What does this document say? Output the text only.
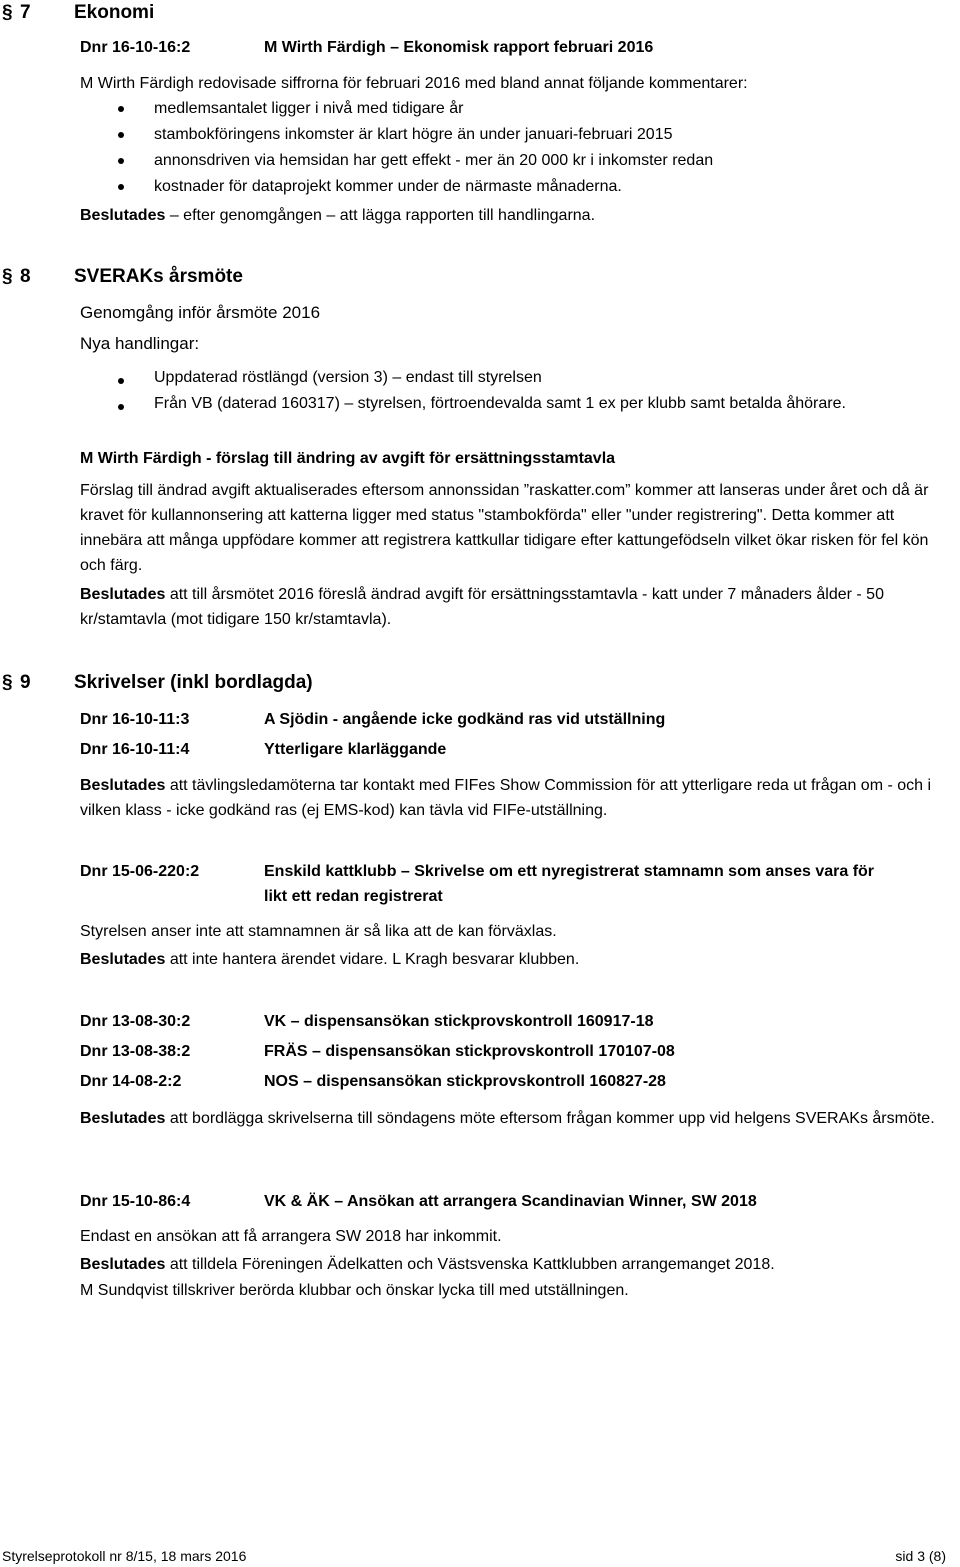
§ 7 Ekonomi
Dnr 16-10-16:2	M Wirth Färdigh – Ekonomisk rapport februari 2016
M Wirth Färdigh redovisade siffrorna för februari 2016 med bland annat följande kommentarer:
medlemsantalet ligger i nivå med tidigare år
stambokföringens inkomster är klart högre än under januari-februari 2015
annonsdriven via hemsidan har gett effekt - mer än 20 000 kr i inkomster redan
kostnader för dataprojekt kommer under de närmaste månaderna.
Beslutades – efter genomgången – att lägga rapporten till handlingarna.
§ 8 SVERAKs årsmöte
Genomgång inför årsmöte 2016
Nya handlingar:
Uppdaterad röstlängd (version 3) – endast till styrelsen
Från VB (daterad 160317) – styrelsen, förtroendevalda samt 1 ex per klubb samt betalda åhörare.
M Wirth Färdigh - förslag till ändring av avgift för ersättningsstamtavla
Förslag till ändrad avgift aktualiserades eftersom annonssidan ”raskatter.com” kommer att lanseras under året och då är kravet för kullannonsering att katterna ligger med status "stambokförda" eller "under registrering". Detta kommer att innebära att många uppfödare kommer att registrera kattkullar tidigare efter kattungefödseln vilket ökar risken för fel kön och färg.
Beslutades att till årsmötet 2016 föreslå ändrad avgift för ersättningsstamtavla - katt under 7 månaders ålder - 50 kr/stamtavla (mot tidigare 150 kr/stamtavla).
§ 9 Skrivelser (inkl bordlagda)
Dnr 16-10-11:3	A Sjödin - angående icke godkänd ras vid utställning
Dnr 16-10-11:4	Ytterligare klarläggande
Beslutades att tävlingsledamöterna tar kontakt med FIFes Show Commission för att ytterligare reda ut frågan om - och i vilken klass - icke godkänd ras (ej EMS-kod) kan tävla vid FIFe-utställning.
Dnr 15-06-220:2	Enskild kattklubb – Skrivelse om ett nyregistrerat stamnamn som anses vara för
likt ett redan registrerat
Styrelsen anser inte att stamnamnen är så lika att de kan förväxlas.
Beslutades att inte hantera ärendet vidare. L Kragh besvarar klubben.
Dnr 13-08-30:2	VK – dispensansökan stickprovskontroll 160917-18
Dnr 13-08-38:2	FRÄS – dispensansökan stickprovskontroll 170107-08
Dnr 14-08-2:2	NOS – dispensansökan stickprovskontroll 160827-28
Beslutades att bordlägga skrivelserna till söndagens möte eftersom frågan kommer upp vid helgens SVERAKs årsmöte.
Dnr 15-10-86:4	VK & ÄK – Ansökan att arrangera Scandinavian Winner, SW 2018
Endast en ansökan att få arrangera SW 2018 har inkommit.
Beslutades att tilldela Föreningen Ädelkatten och Västsvenska Kattklubben arrangemanget 2018.
M Sundqvist tillskriver berörda klubbar och önskar lycka till med utställningen.
Styrelseprotokoll nr 8/15, 18 mars 2016	sid 3 (8)
